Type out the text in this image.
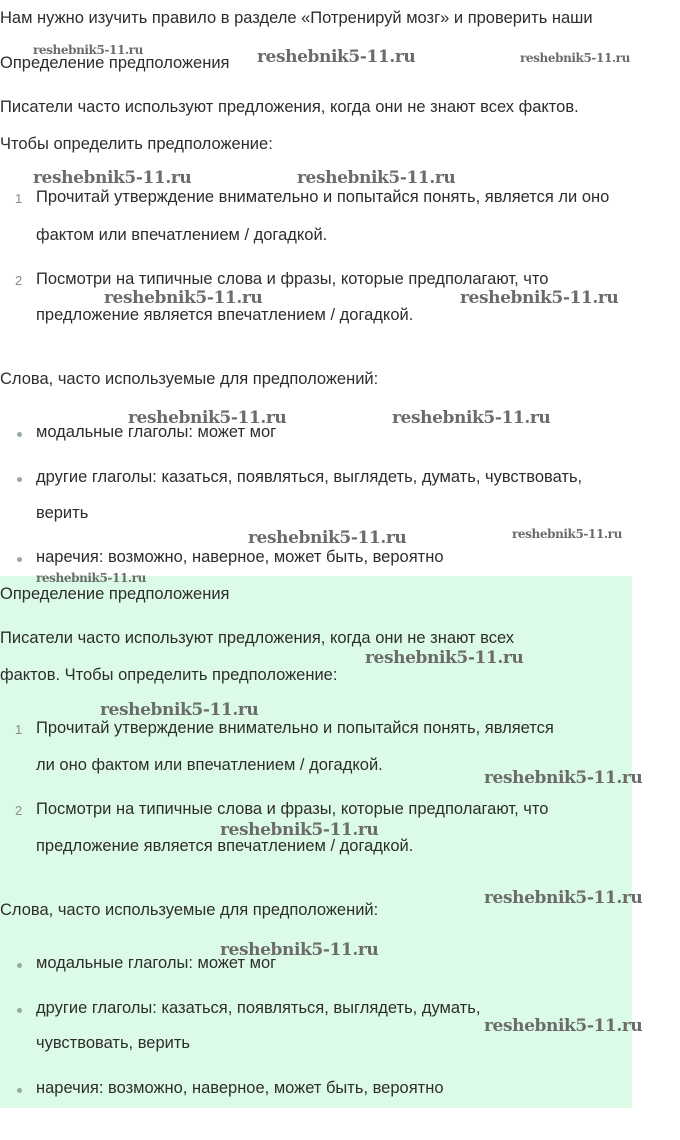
Нам нужно изучить правило в разделе «Потренируй мозг» и проверить наши
Определение предположения
Писатели часто используют предложения, когда они не знают всех фактов.
Чтобы определить предположение:
1 Прочитай утверждение внимательно и попытайся понять, является ли оно
фактом или впечатлением / догадкой.
2 Посмотри на типичные слова и фразы, которые предполагают, что
предложение является впечатлением / догадкой.
Слова, часто используемые для предположений:
модальные глаголы: может мог
другие глаголы: казаться, появляться, выглядеть, думать, чувствовать,
верить
наречия: возможно, наверное, может быть, вероятно
Определение предположения
Писатели часто используют предложения, когда они не знают всех
фактов. Чтобы определить предположение:
1 Прочитай утверждение внимательно и попытайся понять, является
ли оно фактом или впечатлением / догадкой.
2 Посмотри на типичные слова и фразы, которые предполагают, что
предложение является впечатлением / догадкой.
Слова, часто используемые для предположений:
модальные глаголы: может мог
другие глаголы: казаться, появляться, выглядеть, думать,
чувствовать, верить
наречия: возможно, наверное, может быть, вероятно
reshebnik5-11.ru	reshebnik5-11.ru	reshebnik5-11.ru
reshebnik5-11.ru	reshebnik5-11.ru
reshebnik5-11.ru	reshebnik5-11.ru
reshebnik5-11.ru	reshebnik5-11.ru
reshebnik5-11.ru	reshebnik5-11.ru
reshebnik5-11.ru
reshebnik5-11.ru
reshebnik5-11.ru
reshebnik5-11.ru
reshebnik5-11.ru
reshebnik5-11.ru
reshebnik5-11.ru
reshebnik5-11.ru
